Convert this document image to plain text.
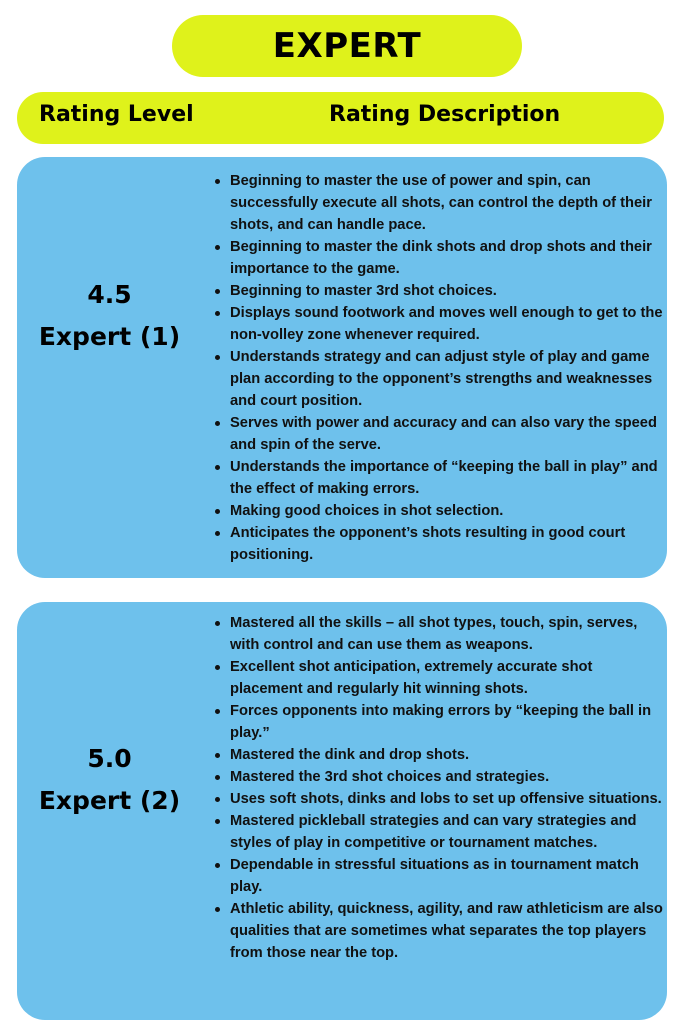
EXPERT
Rating Level	Rating Description
4.5
Expert (1)
Beginning to master the use of power and spin, can successfully execute all shots, can control the depth of their shots, and can handle pace.
Beginning to master the dink shots and drop shots and their importance to the game.
Beginning to master 3rd shot choices.
Displays sound footwork and moves well enough to get to the non-volley zone whenever required.
Understands strategy and can adjust style of play and game plan according to the opponent’s strengths and weaknesses and court position.
Serves with power and accuracy and can also vary the speed and spin of the serve.
Understands the importance of “keeping the ball in play” and the effect of making errors.
Making good choices in shot selection.
Anticipates the opponent’s shots resulting in good court positioning.
5.0
Expert (2)
Mastered all the skills – all shot types, touch, spin, serves, with control and can use them as weapons.
Excellent shot anticipation, extremely accurate shot placement and regularly hit winning shots.
Forces opponents into making errors by “keeping the ball in play.”
Mastered the dink and drop shots.
Mastered the 3rd shot choices and strategies.
Uses soft shots, dinks and lobs to set up offensive situations.
Mastered pickleball strategies and can vary strategies and styles of play in competitive or tournament matches.
Dependable in stressful situations as in tournament match play.
Athletic ability, quickness, agility, and raw athleticism are also qualities that are sometimes what separates the top players from those near the top.
